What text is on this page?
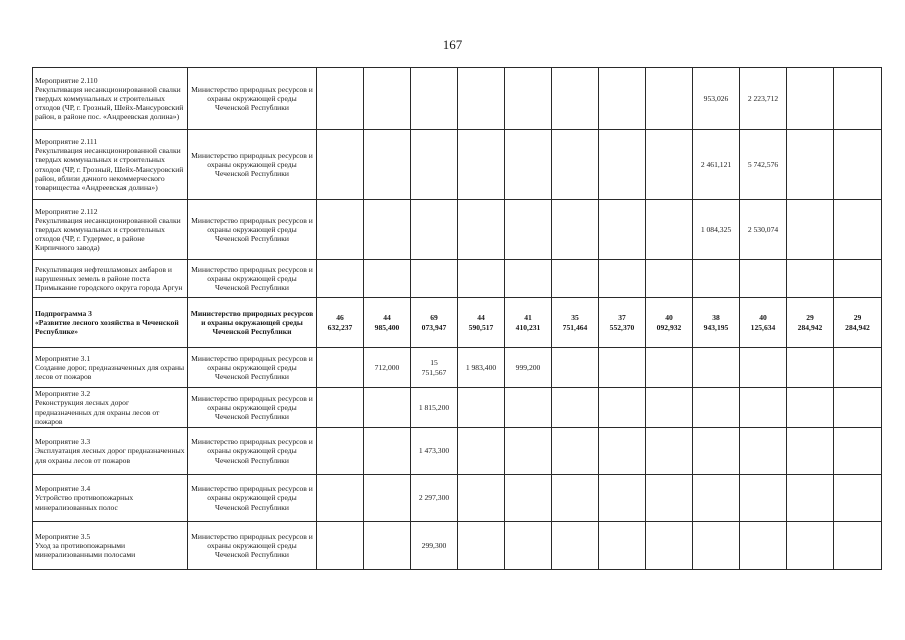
167
Мероприятие 2.110
Рекультивация несанкционированной свалки твердых коммунальных и строительных отходов (ЧР, г. Грозный, Шейх-Мансуровский район, в районе пос. «Андреевская долина»)	Министерство природных ресурсов и охраны окружающей среды Чеченской Республики									953,026	2 223,712		
Мероприятие 2.111
Рекультивация несанкционированной свалки твердых коммунальных и строительных отходов (ЧР, г. Грозный, Шейх-Мансуровский район, вблизи дачного некоммерческого товарищества «Андреевская долина»)	Министерство природных ресурсов и охраны окружающей среды Чеченской Республики									2 461,121	5 742,576		
Мероприятие 2.112
Рекультивация несанкционированной свалки твердых коммунальных и строительных отходов (ЧР, г. Гудермес, в районе Кирпичного завода)	Министерство природных ресурсов и охраны окружающей среды Чеченской Республики									1 084,325	2 530,074		
Рекультивация нефтешламовых амбаров и нарушенных земель в районе поста Примыкание городского округа города Аргун	Министерство природных ресурсов и охраны окружающей среды Чеченской Республики												
Подпрограмма 3
«Развитие лесного хозяйства в Чеченской Республике»	Министерство природных ресурсов и охраны окружающей среды Чеченской Республики	46
632,237	44
985,400	69
073,947	44
590,517	41
410,231	35
751,464	37
552,370	40
092,932	38
943,195	40
125,634	29
284,942	29
284,942
Мероприятие 3.1
Создание дорог, предназначенных для охраны лесов от пожаров	Министерство природных ресурсов и охраны окружающей среды Чеченской Республики		712,000	15
751,567	1 983,400	999,200							
Мероприятие 3.2
Реконструкция лесных дорог предназначенных для охраны лесов от пожаров	Министерство природных ресурсов и охраны окружающей среды Чеченской Республики			1 815,200									
Мероприятие 3.3
Эксплуатация лесных дорог предназначенных для охраны лесов от пожаров	Министерство природных ресурсов и охраны окружающей среды Чеченской Республики			1 473,300									
Мероприятие 3.4
Устройство противопожарных минерализованных полос	Министерство природных ресурсов и охраны окружающей среды Чеченской Республики			2 297,300									
Мероприятие 3.5
Уход за противопожарными минерализованными полосами	Министерство природных ресурсов и охраны окружающей среды Чеченской Республики			299,300									
